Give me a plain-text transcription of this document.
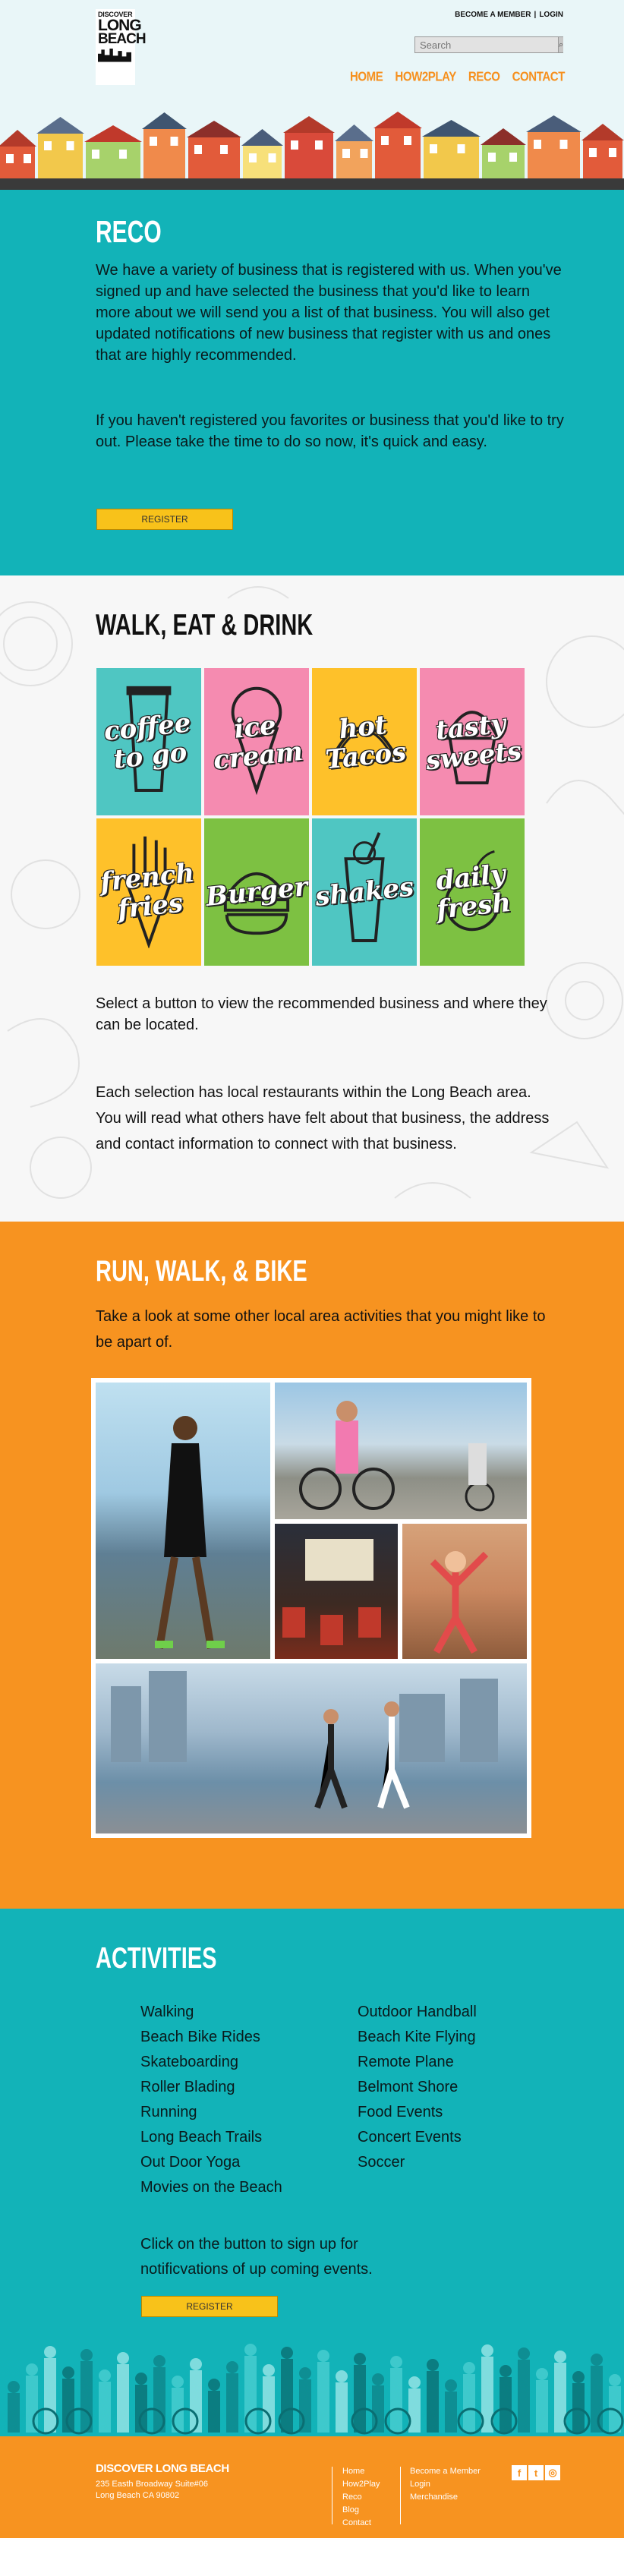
DISCOVER
LONG
BEACH
BECOME A MEMBER | LOGIN
Search
⌕
HOME HOW2PLAY RECO CONTACT
RECO

We have a variety of business that is registered with us. When you've signed up and have selected the business that you'd like to learn more about we will send you a list of that business. You will also get updated notifications of new business that register with us and ones that are highly recommended.

If you haven't registered you favorites or business that you'd like to try out. Please take the time to do so now, it's quick and easy.

REGISTER
WALK, EAT & DRINK
coffee to go
ice cream
hot Tacos
tasty sweets
french fries Burger shakes daily fresh

Select a button to view the recommended business and where they can be located.

Each selection has local restaurants within the Long Beach area. You will read what others have felt about that business, the address and contact information to connect with that business.

RUN, WALK, & BIKE

Take a look at some other local area activities that you might like to be apart of.

ACTIVITIES
Walking
Beach Bike Rides
Skateboarding
Roller Blading
Running
Long Beach Trails
Out Door Yoga
Movies on the Beach
Outdoor Handball
Beach Kite Flying
Remote Plane
Belmont Shore
Food Events
Concert Events
Soccer

Click on the button to sign up for notificvations of up coming events.

REGISTER
DISCOVER LONG BEACH
235 Easth Broadway Suite#06
Long Beach CA 90802
Home
How2Play
Reco
Blog
Contact
Become a Member
Login
Merchandise
f	t	◎
